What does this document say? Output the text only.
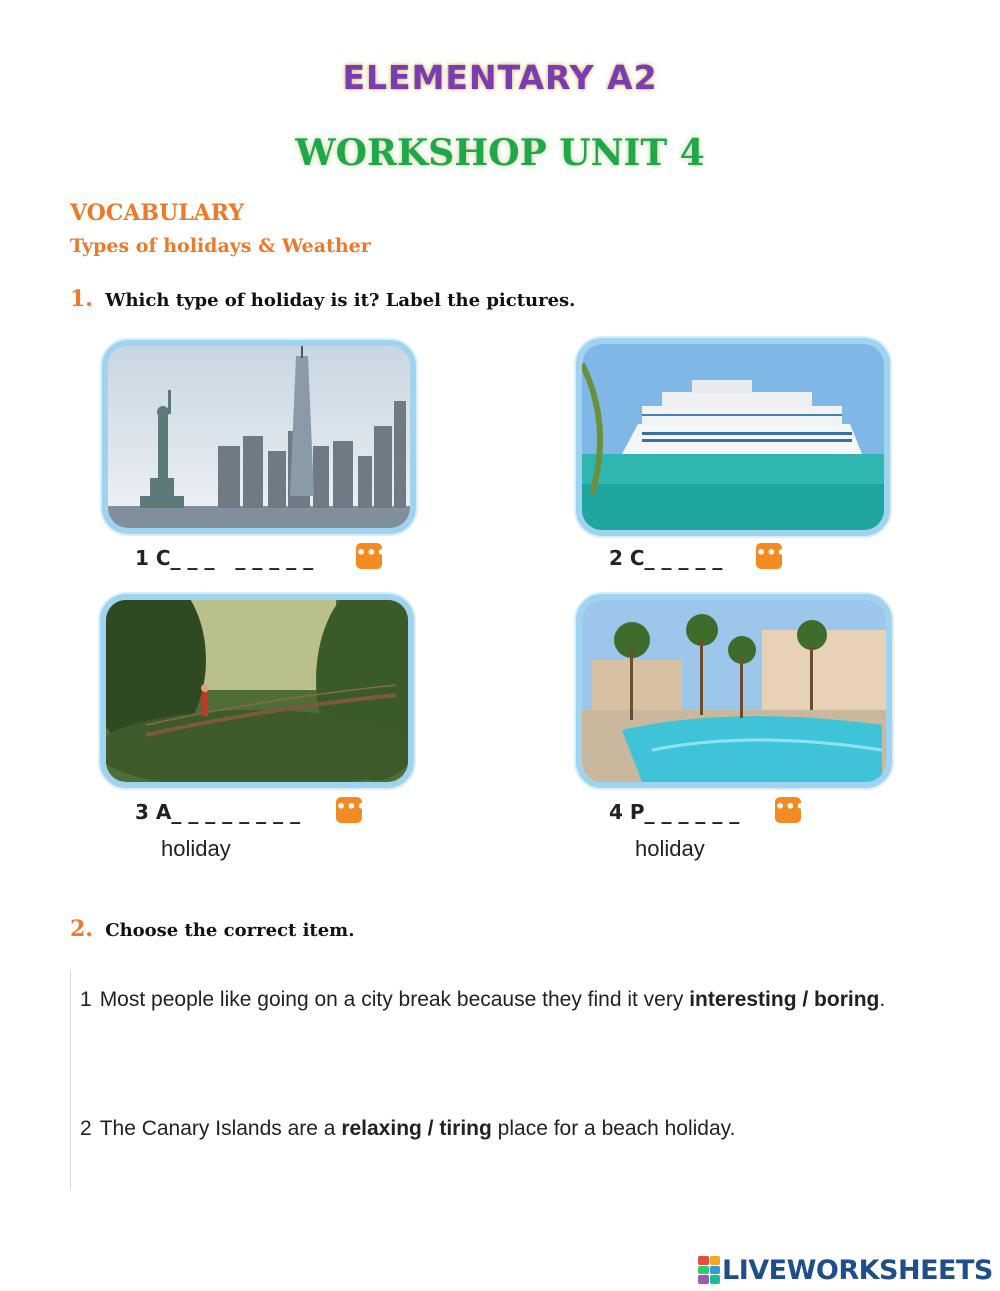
ELEMENTARY A2
WORKSHOP UNIT 4
VOCABULARY
Types of holidays & Weather
1. Which type of holiday is it? Label the pictures.
1 C_ _ _   _ _ _ _ _	•••	2 C_ _ _ _ _ •••
3 A_ _ _ _ _ _ _ _ •••
holiday
4 P_ _ _ _ _ _ •••
holiday
2. Choose the correct item.
1 Most people like going on a city break because they find it very interesting / boring.
2 The Canary Islands are a relaxing / tiring place for a beach holiday.
LIVEWORKSHEETS
